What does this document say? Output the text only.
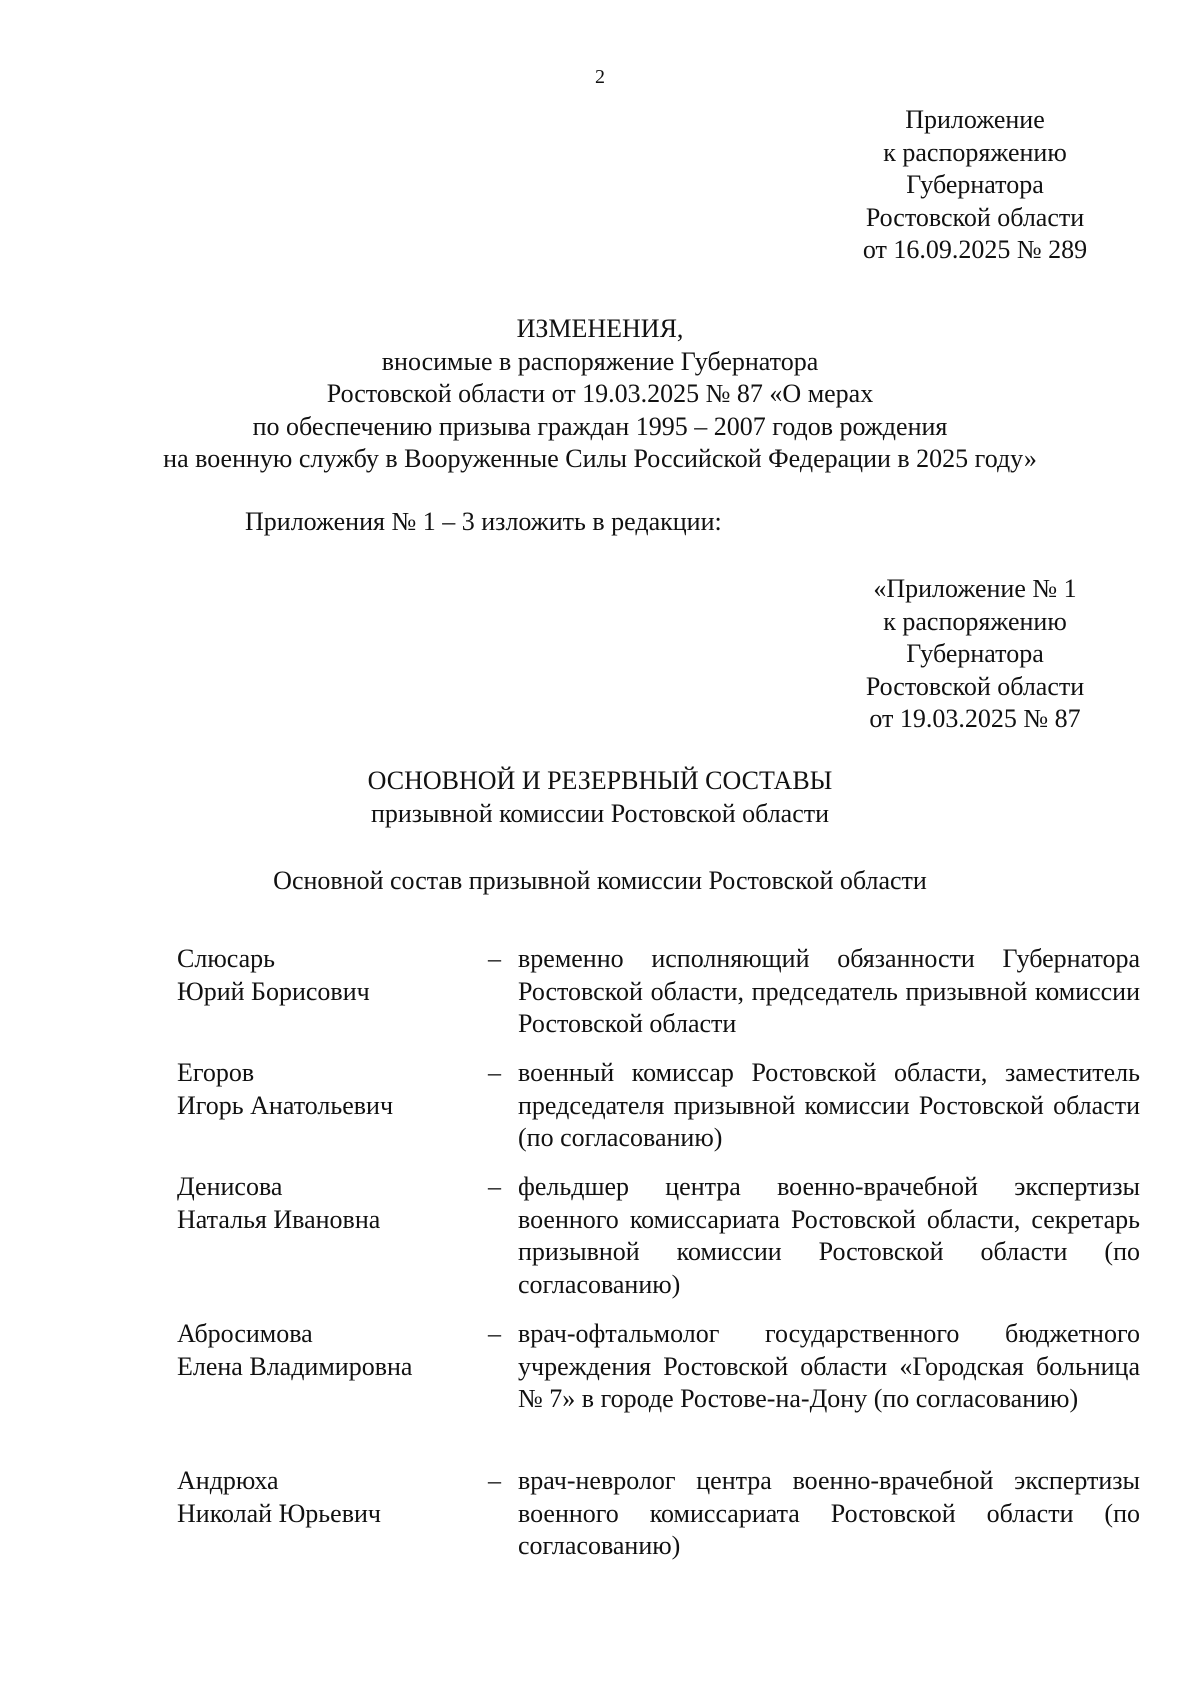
2
Приложение
к распоряжению
Губернатора
Ростовской области
от 16.09.2025 № 289
ИЗМЕНЕНИЯ,
вносимые в распоряжение Губернатора
Ростовской области от 19.03.2025 № 87 «О мерах
по обеспечению призыва граждан 1995 – 2007 годов рождения
на военную службу в Вооруженные Силы Российской Федерации в 2025 году»
Приложения № 1 – 3 изложить в редакции:
«Приложение № 1
к распоряжению
Губернатора
Ростовской области
от 19.03.2025 № 87
ОСНОВНОЙ И РЕЗЕРВНЫЙ СОСТАВЫ
призывной комиссии Ростовской области
Основной состав призывной комиссии Ростовской области
Слюсарь
Юрий Борисович
– временно исполняющий обязанности Губернатора Ростовской области, председатель призывной комиссии Ростовской области
Егоров
Игорь Анатольевич
– военный комиссар Ростовской области, заместитель председателя призывной комиссии Ростовской области (по согласованию)
Денисова
Наталья Ивановна
– фельдшер центра военно-врачебной экспертизы военного комиссариата Ростовской области, секретарь призывной комиссии Ростовской области (по согласованию)
Абросимова
Елена Владимировна
– врач-офтальмолог государственного бюджетного учреждения Ростовской области «Городская больница № 7» в городе Ростове-на-Дону (по согласованию)
Андрюха
Николай Юрьевич
– врач-невролог центра военно-врачебной экспертизы военного комиссариата Ростовской области (по согласованию)
